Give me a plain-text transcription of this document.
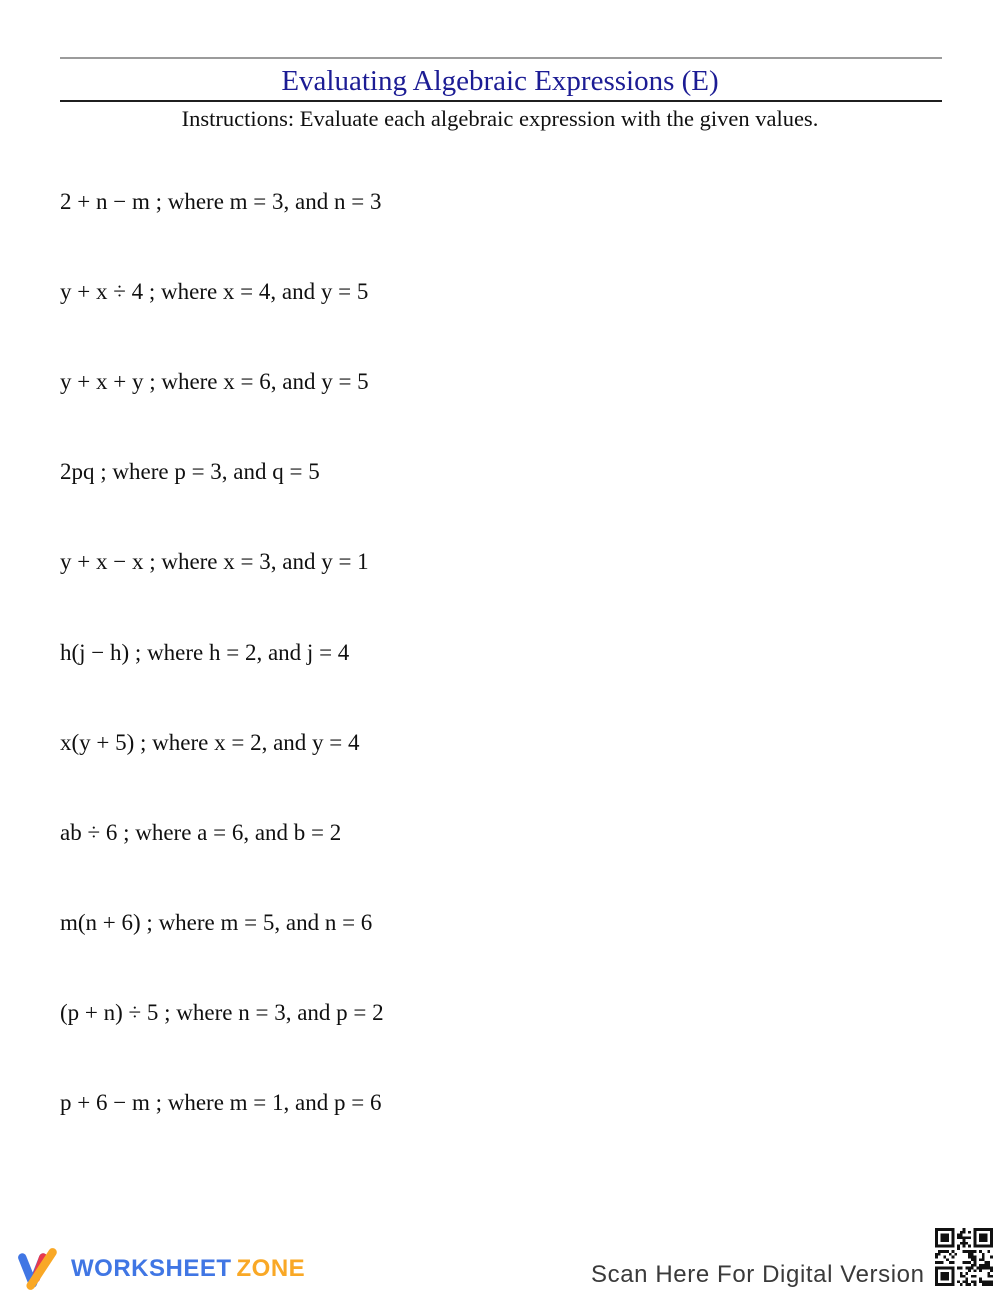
Evaluating Algebraic Expressions (E)
Instructions: Evaluate each algebraic expression with the given values.
2 + n − m ; where m = 3, and n = 3
y + x ÷ 4 ; where x = 4, and y = 5
y + x + y ; where x = 6, and y = 5
2pq ; where p = 3, and q = 5
y + x − x ; where x = 3, and y = 1
h(j − h) ; where h = 2, and j = 4
x(y + 5) ; where x = 2, and y = 4
ab ÷ 6 ; where a = 6, and b = 2
m(n + 6) ; where m = 5, and n = 6
(p + n) ÷ 5 ; where n = 3, and p = 2
p + 6 − m ; where m = 1, and p = 6
WORKSHEET ZONE	Scan Here For Digital Version
